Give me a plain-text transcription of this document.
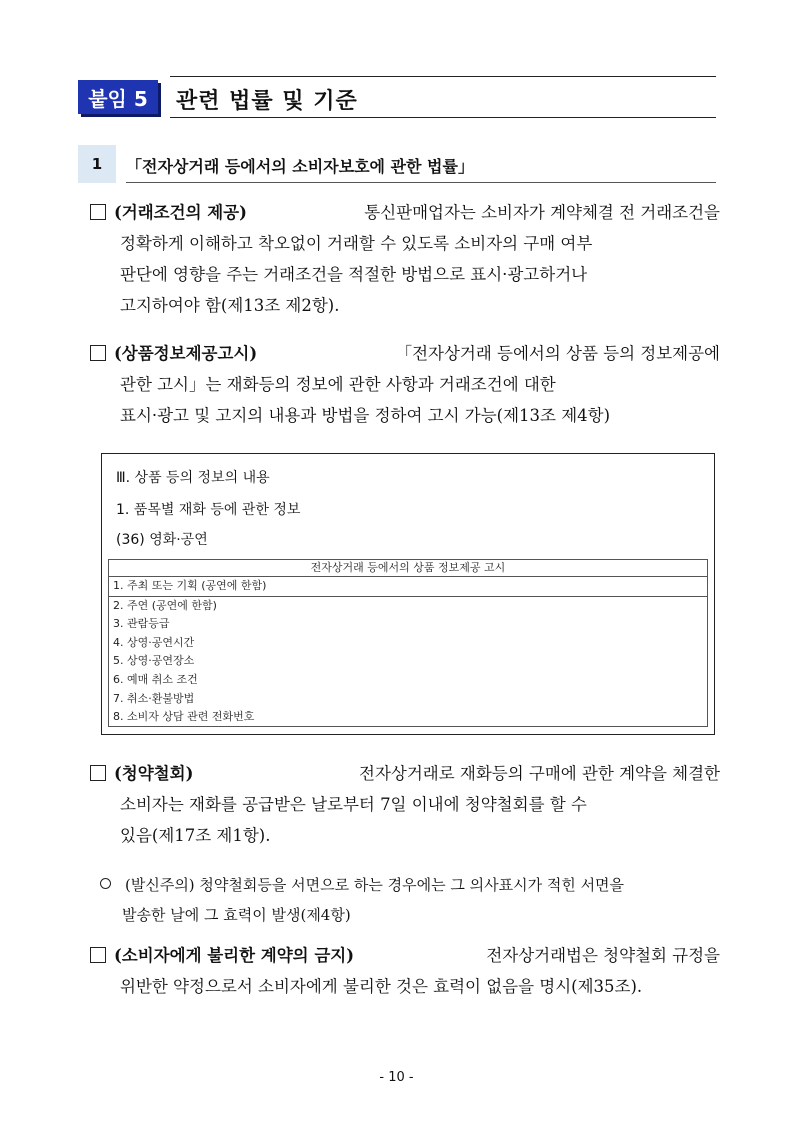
붙임 5	관련 법률 및 기준
1	「전자상거래 등에서의 소비자보호에 관한 법률」
(거래조건의 제공)	통신판매업자는 소비자가 계약체결 전 거래조건을
정확하게 이해하고 착오없이 거래할 수 있도록 소비자의 구매 여부
판단에 영향을 주는 거래조건을 적절한 방법으로 표시·광고하거나
고지하여야 함(제13조 제2항).
(상품정보제공고시)	「전자상거래 등에서의 상품 등의 정보제공에
관한 고시」는 재화등의 정보에 관한 사항과 거래조건에 대한
표시·광고 및 고지의 내용과 방법을 정하여 고시 가능(제13조 제4항)
Ⅲ. 상품 등의 정보의 내용
1. 품목별 재화 등에 관한 정보
(36) 영화·공연
전자상거래 등에서의 상품 정보제공 고시
1. 주최 또는 기획 (공연에 한함)
2. 주연 (공연에 한함)
3. 관람등급
4. 상영·공연시간
5. 상영·공연장소
6. 예매 취소 조건
7. 취소·환불방법
8. 소비자 상담 관련 전화번호
(청약철회)	전자상거래로 재화등의 구매에 관한 계약을 체결한
소비자는 재화를 공급받은 날로부터 7일 이내에 청약철회를 할 수
있음(제17조 제1항).
(발신주의) 청약철회등을 서면으로 하는 경우에는 그 의사표시가 적힌 서면을
발송한 날에 그 효력이 발생(제4항)
(소비자에게 불리한 계약의 금지)	전자상거래법은 청약철회 규정을
위반한 약정으로서 소비자에게 불리한 것은 효력이 없음을 명시(제35조).
- 10 -
